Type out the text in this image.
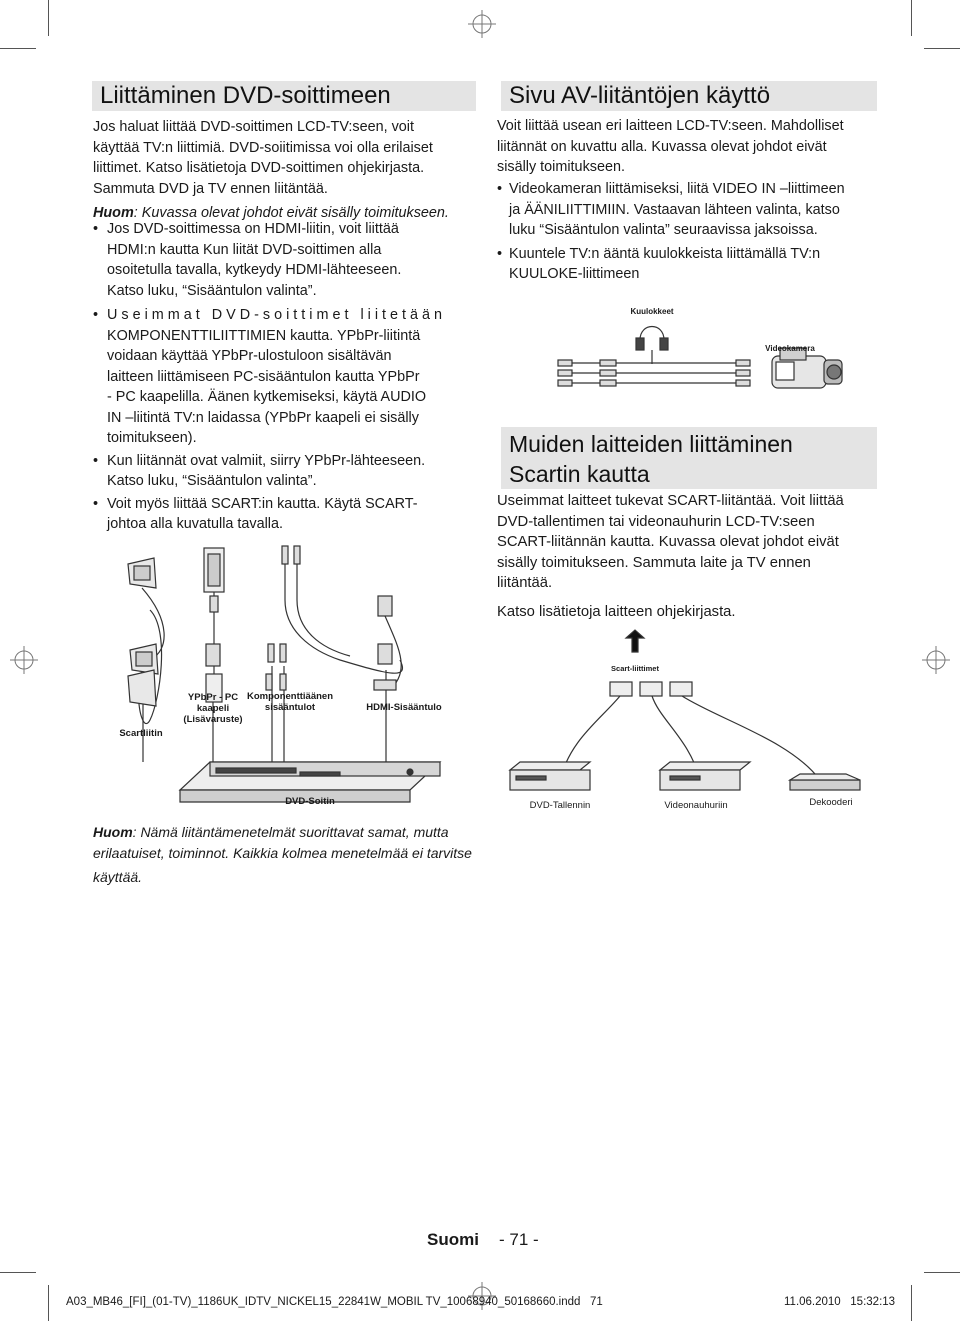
Liittäminen DVD-soittimeen

Jos haluat liittää DVD-soittimen LCD-TV:seen, voit

käyttää TV:n liittimiä. DVD-soiitimissa voi olla erilaiset

liittimet. Katso lisätietoja DVD-soittimen ohjekirjasta.

Sammuta DVD ja TV ennen liitäntää.

Huom: Kuvassa olevat johdot eivät sisälly toimitukseen.

• Jos DVD-soittimessa on HDMI-liitin, voit liittää

HDMI:n kautta Kun liität DVD-soittimen alla

osoitetulla tavalla, kytkeydy HDMI-lähteeseen.

Katso luku, “Sisääntulon valinta”.

• U s e i m m a t   D V D - s o i t t i m e t   l i i t e t ä ä n

KOMPONENTTILIITTIMIEN kautta. YPbPr-liitintä

voidaan käyttää YPbPr-ulostuloon sisältävän

laitteen liittämiseen PC-sisääntulon kautta YPbPr

- PC kaapelilla. Äänen kytkemiseksi, käytä AUDIO

IN –liitintä TV:n laidassa (YPbPr kaapeli ei sisälly

toimitukseen).

• Kun liitännät ovat valmiit, siirry YPbPr-lähteeseen.

Katso luku, “Sisääntulon valinta”.

• Voit myös liittää SCART:in kautta. Käytä SCART-

johtoa alla kuvatulla tavalla.

Scartliitin
YPbPr - PC
kaapeli
(Lisävaruste)
Komponenttiäänen
sisääntulot	HDMI-Sisääntulo
DVD-Soitin

Huom: Nämä liitäntämenetelmät suorittavat samat, mutta

erilaatuiset, toiminnot. Kaikkia kolmea menetelmää ei tarvitse

käyttää.

Sivu AV-liitäntöjen käyttö

Voit liittää usean eri laitteen LCD-TV:seen. Mahdolliset

liitännät on kuvattu alla. Kuvassa olevat johdot eivät

sisälly toimitukseen.

• Videokameran liittämiseksi, liitä VIDEO IN –liittimeen

ja ÄÄNILIITTIMIIN. Vastaavan lähteen valinta, katso

luku “Sisääntulon valinta” seuraavissa jaksoissa.

• Kuuntele TV:n ääntä kuulokkeista liittämällä TV:n

KUULOKE-liittimeen

Kuulokkeet
Videokamera
Muiden laitteiden liittäminen
Scartin kautta

Useimmat laitteet tukevat SCART-liitäntää. Voit liittää

DVD-tallentimen tai videonauhurin LCD-TV:seen

SCART-liitännän kautta. Kuvassa olevat johdot eivät

sisälly toimitukseen. Sammuta laite ja TV ennen

liitäntää.

Katso lisätietoja laitteen ohjekirjasta.

Scart-liittimet
DVD-Tallennin	Videonauhuriin	Dekooderi
Suomi - 71 -
A03_MB46_[FI]_(01-TV)_1186UK_IDTV_NICKEL15_22841W_MOBIL TV_10068940_50168660.indd   71	11.06.2010   15:32:13
